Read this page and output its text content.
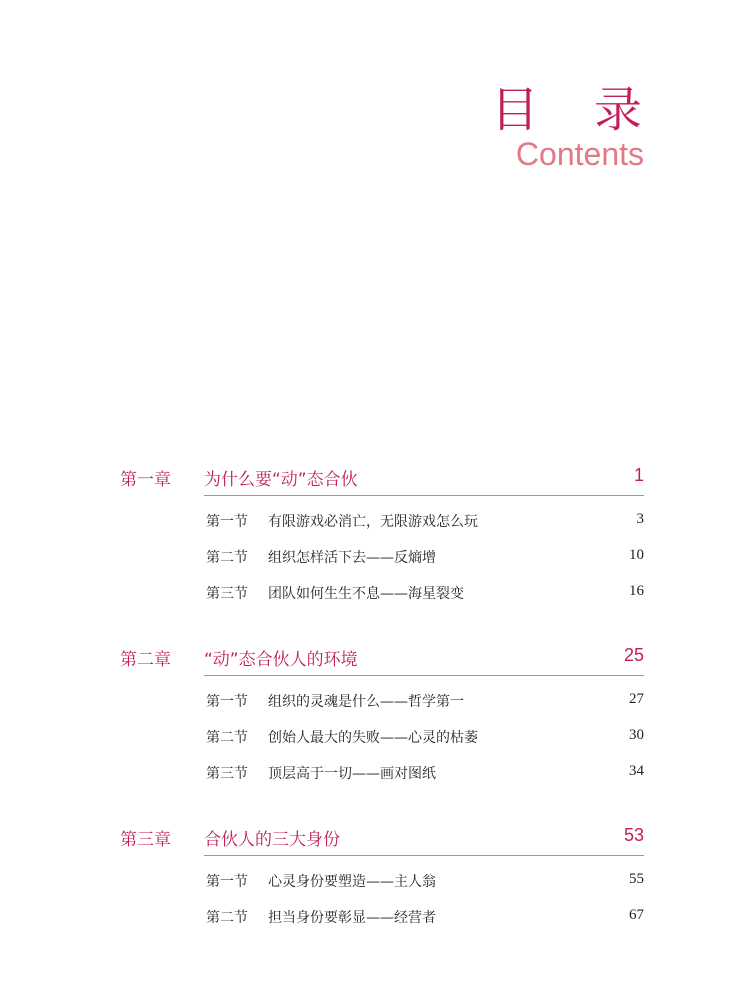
目 录
Contents
第一章 为什么要“动”态合伙	1
第一节 有限游戏必消亡，无限游戏怎么玩	3
第二节 组织怎样活下去——反熵增	10
第三节 团队如何生生不息——海星裂变	16
第二章 “动”态合伙人的环境	25
第一节 组织的灵魂是什么——哲学第一	27
第二节 创始人最大的失败——心灵的枯萎	30
第三节 顶层高于一切——画对图纸	34
第三章 合伙人的三大身份	53
第一节 心灵身份要塑造——主人翁	55
第二节 担当身份要彰显——经营者	67
